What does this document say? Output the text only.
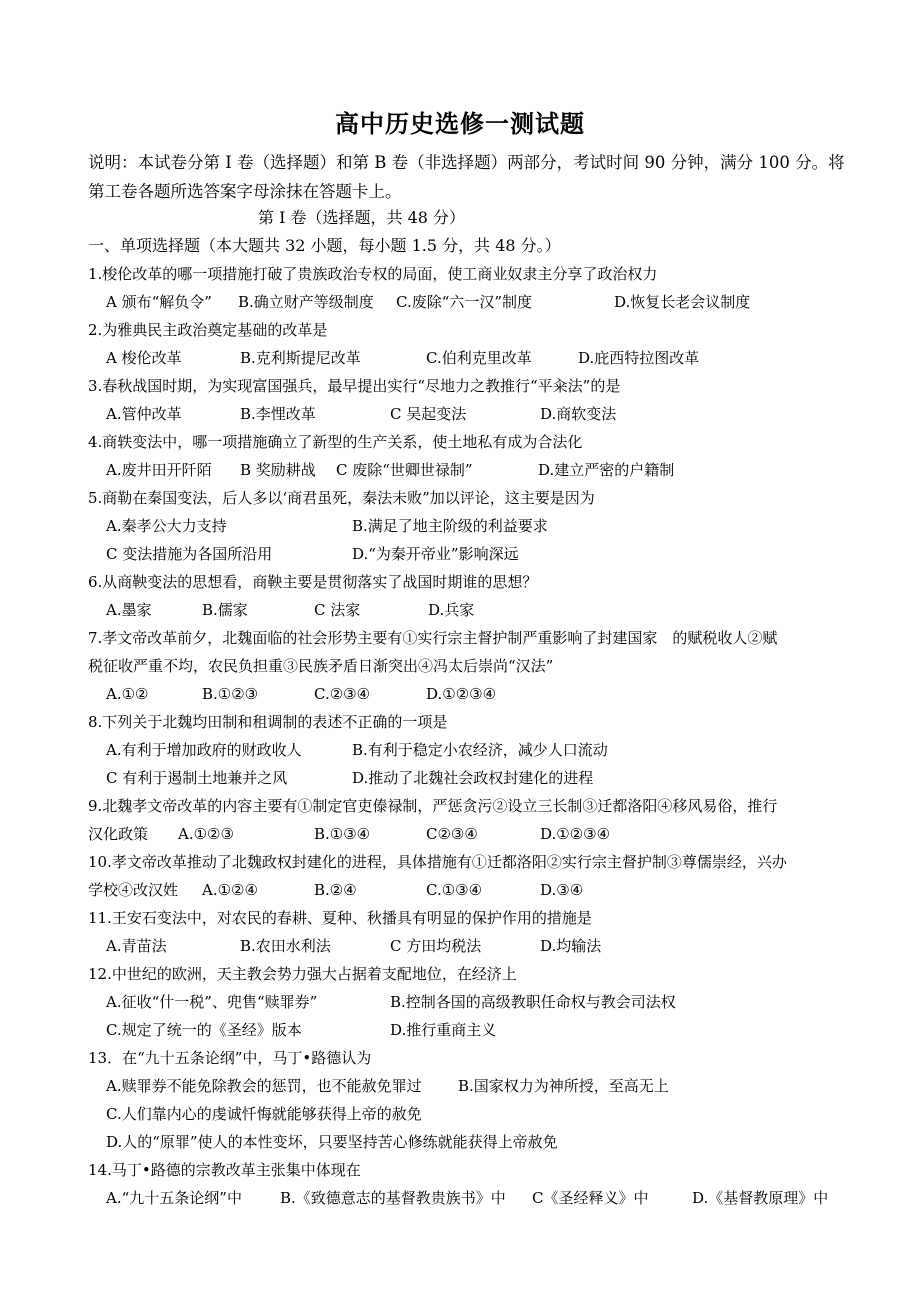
高中历史选修一测试题
说明：本试卷分第 I 卷（选择题）和第 B 卷（非选择题）两部分，考试时间 90 分钟，满分 100 分。将第工卷各题所选答案字母涂抹在答题卡上。
第 I 卷（选择题，共 48 分）
一、单项选择题（本大题共 32 小题，每小题 1.5 分，共 48 分。）
1.梭伦改革的哪一项措施打破了贵族政治专权的局面，使工商业奴隶主分享了政治权力
A 颁布“解负令” B.确立财产等级制度 C.废除“六一汉”制度	D.恢复长老会议制度
2.为雅典民主政治奠定基础的改革是
A 梭伦改革	B.克利斯提尼改革	C.伯利克里改革	D.庇西特拉图改革
3.春秋战国时期，为实现富国强兵，最早提出实行“尽地力之教推行“平籴法”的是
A.管仲改革	B.李悝改革	C 吴起变法	D.商软变法
4.商轶变法中，哪一项措施确立了新型的生产关系，使土地私有成为合法化
A.废井田开阡陌 B 奖励耕战 C 废除“世卿世禄制”	D.建立严密的户籍制
5.商勒在秦国变法，后人多以‘商君虽死，秦法未败”加以评论，这主要是因为
A.秦孝公大力支持	B.满足了地主阶级的利益要求
C 变法措施为各国所沿用	D.“为秦开帝业”影响深远
6.从商鞅变法的思想看，商鞅主要是贯彻落实了战国时期谁的思想？
A.墨家	B.儒家	C 法家	D.兵家
7.孝文帝改革前夕，北魏面临的社会形势主要有①实行宗主督护制严重影响了封建国家　的赋税收人②赋
税征收严重不均，农民负担重③民族矛盾日渐突出④冯太后崇尚“汉法”
A.①②	B.①②③	C.②③④	D.①②③④
8.下列关于北魏均田制和租调制的表述不正确的一项是
A.有利于增加政府的财政收人	B.有利于稳定小农经济，减少人口流动
C 有利于遏制土地兼并之风	D.推动了北魏社会政权封建化的进程
9.北魏孝文帝改革的内容主要有①制定官吏傣禄制，严惩贪污②设立三长制③迁都洛阳④移风易俗，推行
汉化政策 A.①②③	B.①③④	C②③④	D.①②③④
10.孝文帝改革推动了北魏政权封建化的进程，具体措施有①迁都洛阳②实行宗主督护制③尊儒崇经，兴办
学校④改汉姓 A.①②④	B.②④	C.①③④	D.③④
11.王安石变法中，对农民的春耕、夏种、秋播具有明显的保护作用的措施是
A.青苗法	B.农田水利法	C 方田均税法	D.均输法
12.中世纪的欧洲，天主教会势力强大占据着支配地位，在经济上
A.征收“什一税”、兜售“赎罪券”	B.控制各国的高级教职任命权与教会司法权
C.规定了统一的《圣经》版本	D.推行重商主义
13．在“九十五条论纲”中，马丁•路德认为
A.赎罪券不能免除教会的惩罚，也不能赦免罪过 B.国家权力为神所授，至高无上
C.人们靠内心的虔诚忏悔就能够获得上帝的赦免
D.人的“原罪”使人的本性变坏，只要坚持苦心修练就能获得上帝赦免
14.马丁•路德的宗教改革主张集中体现在
A.“九十五条论纲”中	B.《致德意志的基督教贵族书》中 C《圣经释义》中	D.《基督教原理》中
